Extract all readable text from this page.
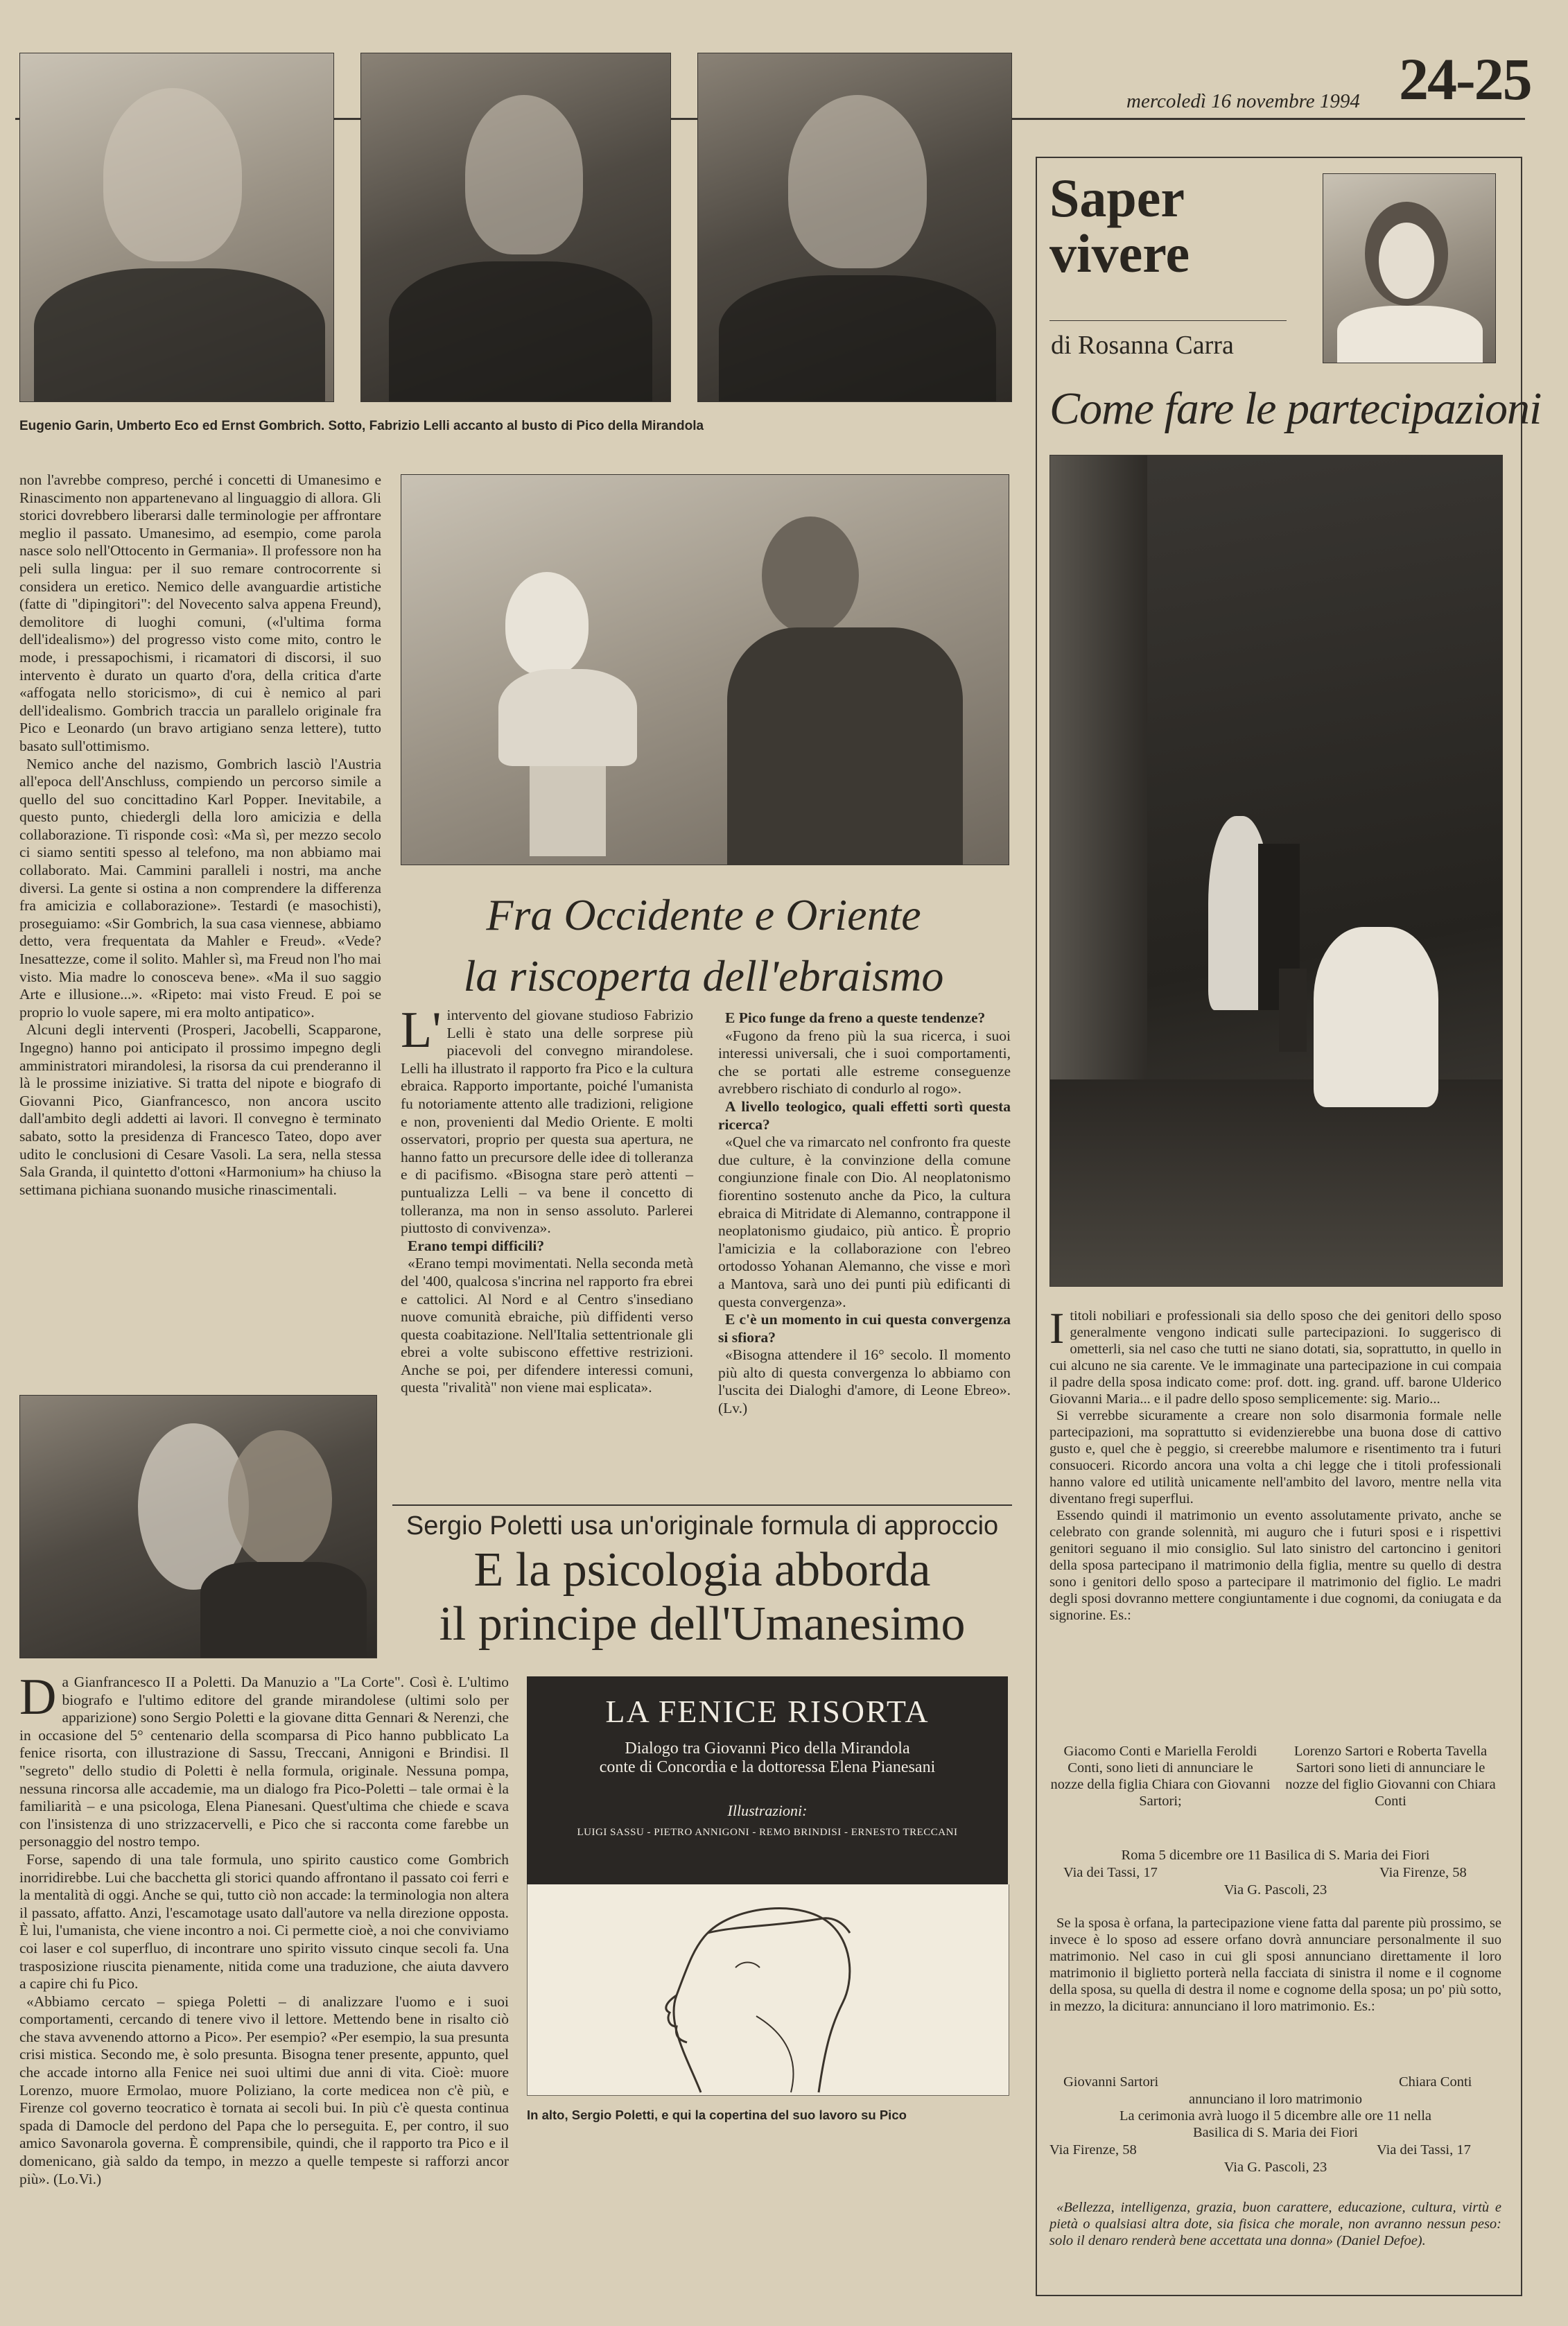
mercoledì 16 novembre 1994 24-25
Eugenio Garin, Umberto Eco ed Ernst Gombrich. Sotto, Fabrizio Lelli accanto al busto di Pico della Mirandola

non l'avrebbe compreso, perché i concetti di Umanesimo e Rinascimento non appartenevano al linguaggio di allora. Gli storici dovrebbero liberarsi dalle terminologie per affrontare meglio il passato. Umanesimo, ad esempio, come parola nasce solo nell'Ottocento in Germania». Il professore non ha peli sulla lingua: per il suo remare controcorrente si considera un eretico. Nemico delle avanguardie artistiche (fatte di "dipingitori": del Novecento salva appena Freund), demolitore di luoghi comuni, («l'ultima forma dell'idealismo») del progresso visto come mito, contro le mode, i pressapochismi, i ricamatori di discorsi, il suo intervento è durato un quarto d'ora, della critica d'arte «affogata nello storicismo», di cui è nemico al pari dell'idealismo. Gombrich traccia un parallelo originale fra Pico e Leonardo (un bravo artigiano senza lettere), tutto basato sull'ottimismo.

Nemico anche del nazismo, Gombrich lasciò l'Austria all'epoca dell'Anschluss, compiendo un percorso simile a quello del suo concittadino Karl Popper. Inevitabile, a questo punto, chiedergli della loro amicizia e della collaborazione. Ti risponde così: «Ma sì, per mezzo secolo ci siamo sentiti spesso al telefono, ma non abbiamo mai collaborato. Mai. Cammini paralleli i nostri, ma anche diversi. La gente si ostina a non comprendere la differenza fra amicizia e collaborazione». Testardi (e masochisti), proseguiamo: «Sir Gombrich, la sua casa viennese, abbiamo detto, vera frequentata da Mahler e Freud». «Vede? Inesattezze, come il solito. Mahler sì, ma Freud non l'ho mai visto. Mia madre lo conosceva bene». «Ma il suo saggio Arte e illusione...». «Ripeto: mai visto Freud. E poi se proprio lo vuole sapere, mi era molto antipatico».

Alcuni degli interventi (Prosperi, Jacobelli, Scapparone, Ingegno) hanno poi anticipato il prossimo impegno degli amministratori mirandolesi, la risorsa da cui prenderanno il là le prossime iniziative. Si tratta del nipote e biografo di Giovanni Pico, Gianfrancesco, non ancora uscito dall'ambito degli addetti ai lavori. Il convegno è terminato sabato, sotto la presidenza di Francesco Tateo, dopo aver udito le conclusioni di Cesare Vasoli. La sera, nella stessa Sala Granda, il quintetto d'ottoni «Harmonium» ha chiuso la settimana pichiana suonando musiche rinascimentali.

Fra Occidente e Oriente
la riscoperta dell'ebraismo

L' intervento del giovane studioso Fabrizio Lelli è stato una delle sorprese più piacevoli del convegno mirandolese. Lelli ha illustrato il rapporto fra Pico e la cultura ebraica. Rapporto importante, poiché l'umanista fu notoriamente attento alle tradizioni, religione e non, provenienti dal Medio Oriente. E molti osservatori, proprio per questa sua apertura, ne hanno fatto un precursore delle idee di tolleranza e di pacifismo. «Bisogna stare però attenti – puntualizza Lelli – va bene il concetto di tolleranza, ma non in senso assoluto. Parlerei piuttosto di convivenza».

Erano tempi difficili?

«Erano tempi movimentati. Nella seconda metà del '400, qualcosa s'incrina nel rapporto fra ebrei e cattolici. Al Nord e al Centro s'insediano nuove comunità ebraiche, più diffidenti verso questa coabitazione. Nell'Italia settentrionale gli ebrei a volte subiscono effettive restrizioni. Anche se poi, per difendere interessi comuni, questa "rivalità" non viene mai esplicata».

E Pico funge da freno a queste tendenze?

«Fugono da freno più la sua ricerca, i suoi interessi universali, che i suoi comportamenti, che se portati alle estreme conseguenze avrebbero rischiato di condurlo al rogo».

A livello teologico, quali effetti sortì questa ricerca?

«Quel che va rimarcato nel confronto fra queste due culture, è la convinzione della comune congiunzione finale con Dio. Al neoplatonismo fiorentino sostenuto anche da Pico, la cultura ebraica di Mitridate di Alemanno, contrappone il neoplatonismo giudaico, più antico. È proprio l'amicizia e la collaborazione con l'ebreo ortodosso Yohanan Alemanno, che visse e morì a Mantova, sarà uno dei punti più edificanti di questa convergenza».

E c'è un momento in cui questa convergenza si sfiora?

«Bisogna attendere il 16° secolo. Il momento più alto di questa convergenza lo abbiamo con l'uscita dei Dialoghi d'amore, di Leone Ebreo». (Lv.)

Sergio Poletti usa un'originale formula di approccio
E la psicologia abborda
il principe dell'Umanesimo

Da Gianfrancesco II a Poletti. Da Manuzio a "La Corte". Così è. L'ultimo biografo e l'ultimo editore del grande mirandolese (ultimi solo per apparizione) sono Sergio Poletti e la giovane ditta Gennari & Nerenzi, che in occasione del 5° centenario della scomparsa di Pico hanno pubblicato La fenice risorta, con illustrazione di Sassu, Treccani, Annigoni e Brindisi. Il "segreto" dello studio di Poletti è nella formula, originale. Nessuna pompa, nessuna rincorsa alle accademie, ma un dialogo fra Pico-Poletti – tale ormai è la familiarità – e una psicologa, Elena Pianesani. Quest'ultima che chiede e scava con l'insistenza di uno strizzacervelli, e Pico che si racconta come farebbe un personaggio del nostro tempo.

Forse, sapendo di una tale formula, uno spirito caustico come Gombrich inorridirebbe. Lui che bacchetta gli storici quando affrontano il passato coi ferri e la mentalità di oggi. Anche se qui, tutto ciò non accade: la terminologia non altera il passato, affatto. Anzi, l'escamotage usato dall'autore va nella direzione opposta. È lui, l'umanista, che viene incontro a noi. Ci permette cioè, a noi che conviviamo coi laser e col superfluo, di incontrare uno spirito vissuto cinque secoli fa. Una trasposizione riuscita pienamente, nitida come una traduzione, che aiuta davvero a capire chi fu Pico.

«Abbiamo cercato – spiega Poletti – di analizzare l'uomo e i suoi comportamenti, cercando di tenere vivo il lettore. Mettendo bene in risalto ciò che stava avvenendo attorno a Pico». Per esempio? «Per esempio, la sua presunta crisi mistica. Secondo me, è solo presunta. Bisogna tener presente, appunto, quel che accade intorno alla Fenice nei suoi ultimi due anni di vita. Cioè: muore Lorenzo, muore Ermolao, muore Poliziano, la corte medicea non c'è più, e Firenze col governo teocratico è tornata ai secoli bui. In più c'è questa continua spada di Damocle del perdono del Papa che lo perseguita. E, per contro, il suo amico Savonarola governa. È comprensibile, quindi, che il rapporto tra Pico e il domenicano, già saldo da tempo, in mezzo a quelle tempeste si rafforzi ancor più». (Lo.Vi.)

LA FENICE RISORTA
Dialogo tra Giovanni Pico della Mirandola
conte di Concordia e la dottoressa Elena Pianesani
Illustrazioni:
LUIGI SASSU - PIETRO ANNIGONI - REMO BRINDISI - ERNESTO TRECCANI
In alto, Sergio Poletti, e qui la copertina del suo lavoro su Pico
Saper
vivere
di Rosanna Carra
Come fare le partecipazioni

Ititoli nobiliari e professionali sia dello sposo che dei genitori dello sposo generalmente vengono indicati sulle partecipazioni. Io suggerisco di ometterli, sia nel caso che tutti ne siano dotati, sia, soprattutto, in quello in cui alcuno ne sia carente. Ve le immaginate una partecipazione in cui compaia il padre della sposa indicato come: prof. dott. ing. grand. uff. barone Ulderico Giovanni Maria... e il padre dello sposo semplicemente: sig. Mario...

Si verrebbe sicuramente a creare non solo disarmonia formale nelle partecipazioni, ma soprattutto si evidenzierebbe una buona dose di cattivo gusto e, quel che è peggio, si creerebbe malumore e risentimento tra i futuri consuoceri. Ricordo ancora una volta a chi legge che i titoli professionali hanno valore ed utilità unicamente nell'ambito del lavoro, mentre nella vita diventano fregi superflui.

Essendo quindi il matrimonio un evento assolutamente privato, anche se celebrato con grande solennità, mi auguro che i futuri sposi e i rispettivi genitori seguano il mio consiglio. Sul lato sinistro del cartoncino i genitori della sposa partecipano il matrimonio della figlia, mentre su quello di destra sono i genitori dello sposo a partecipare il matrimonio del figlio. Le madri degli sposi dovranno mettere congiuntamente i due cognomi, da coniugata e da signorine. Es.:

Giacomo Conti e Mariella Feroldi Conti, sono lieti di annunciare le nozze della figlia Chiara con Giovanni Sartori;
Lorenzo Sartori e Roberta Tavella Sartori sono lieti di annunciare le nozze del figlio Giovanni con Chiara Conti
Roma 5 dicembre ore 11 Basilica di S. Maria dei Fiori
Via dei Tassi, 17	Via Firenze, 58
Via G. Pascoli, 23

Se la sposa è orfana, la partecipazione viene fatta dal parente più prossimo, se invece è lo sposo ad essere orfano dovrà annunciare personalmente il suo matrimonio. Nel caso in cui gli sposi annunciano direttamente il loro matrimonio il biglietto porterà nella facciata di sinistra il nome e il cognome della sposa, su quella di destra il nome e cognome della sposa; un po' più sotto, in mezzo, la dicitura: annunciano il loro matrimonio. Es.:

Giovanni Sartori	Chiara Conti
annunciano il loro matrimonio
La cerimonia avrà luogo il 5 dicembre alle ore 11 nella
Basilica di S. Maria dei Fiori
Via Firenze, 58	Via dei Tassi, 17
Via G. Pascoli, 23

«Bellezza, intelligenza, grazia, buon carattere, educazione, cultura, virtù e pietà o qualsiasi altra dote, sia fisica che morale, non avranno nessun peso: solo il denaro renderà bene accettata una donna» (Daniel Defoe).
